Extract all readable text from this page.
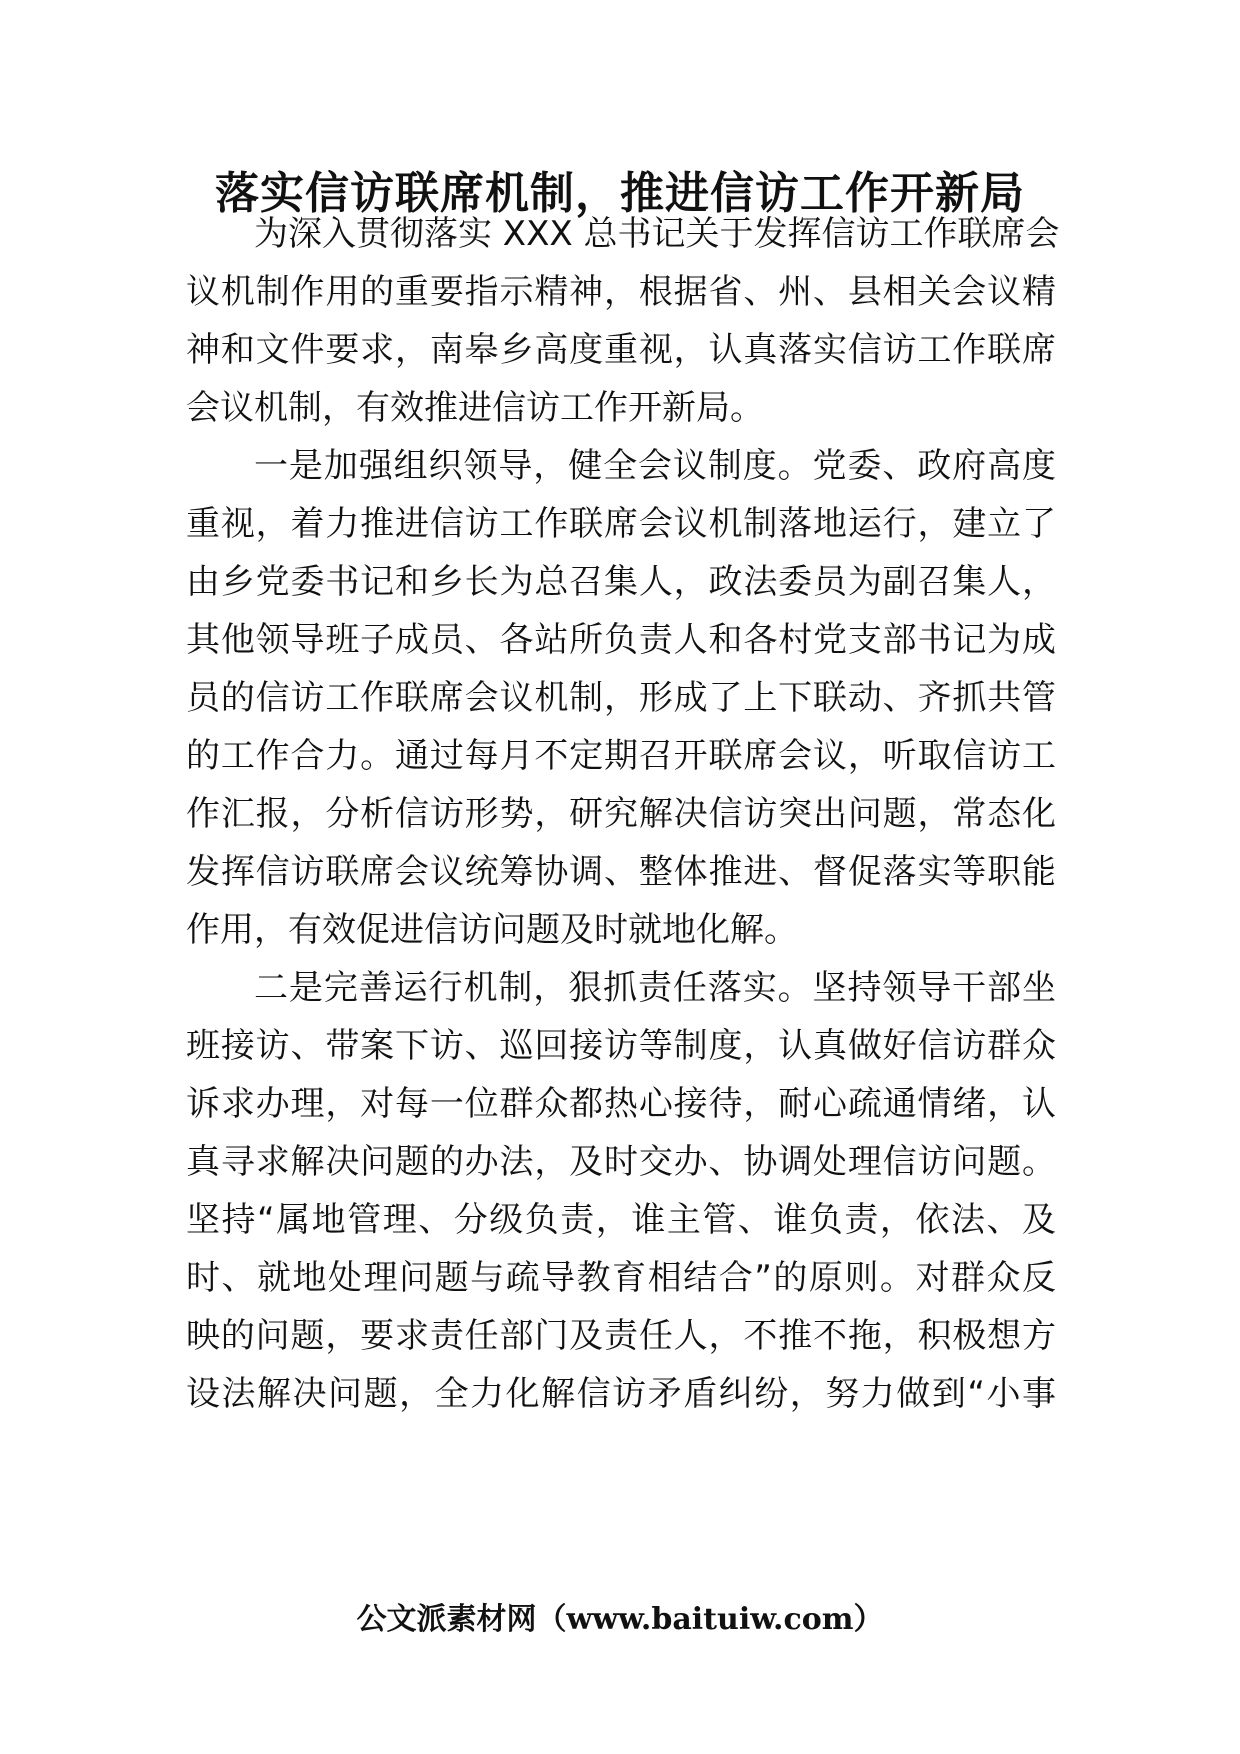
落实信访联席机制，推进信访工作开新局
为深入贯彻落实 XXX 总书记关于发挥信访工作联席会
议机制作用的重要指示精神，根据省、州、县相关会议精
神和文件要求，南皋乡高度重视，认真落实信访工作联席
会议机制，有效推进信访工作开新局。
一是加强组织领导，健全会议制度。党委、政府高度
重视，着力推进信访工作联席会议机制落地运行，建立了
由乡党委书记和乡长为总召集人，政法委员为副召集人，
其他领导班子成员、各站所负责人和各村党支部书记为成
员的信访工作联席会议机制，形成了上下联动、齐抓共管
的工作合力。通过每月不定期召开联席会议，听取信访工
作汇报，分析信访形势，研究解决信访突出问题，常态化
发挥信访联席会议统筹协调、整体推进、督促落实等职能
作用，有效促进信访问题及时就地化解。
二是完善运行机制，狠抓责任落实。坚持领导干部坐
班接访、带案下访、巡回接访等制度，认真做好信访群众
诉求办理，对每一位群众都热心接待，耐心疏通情绪，认
真寻求解决问题的办法，及时交办、协调处理信访问题。
坚持“属地管理、分级负责，谁主管、谁负责，依法、及
时、就地处理问题与疏导教育相结合”的原则。对群众反
映的问题，要求责任部门及责任人，不推不拖，积极想方
设法解决问题，全力化解信访矛盾纠纷，努力做到“小事
公文派素材网（www.baituiw.com）
